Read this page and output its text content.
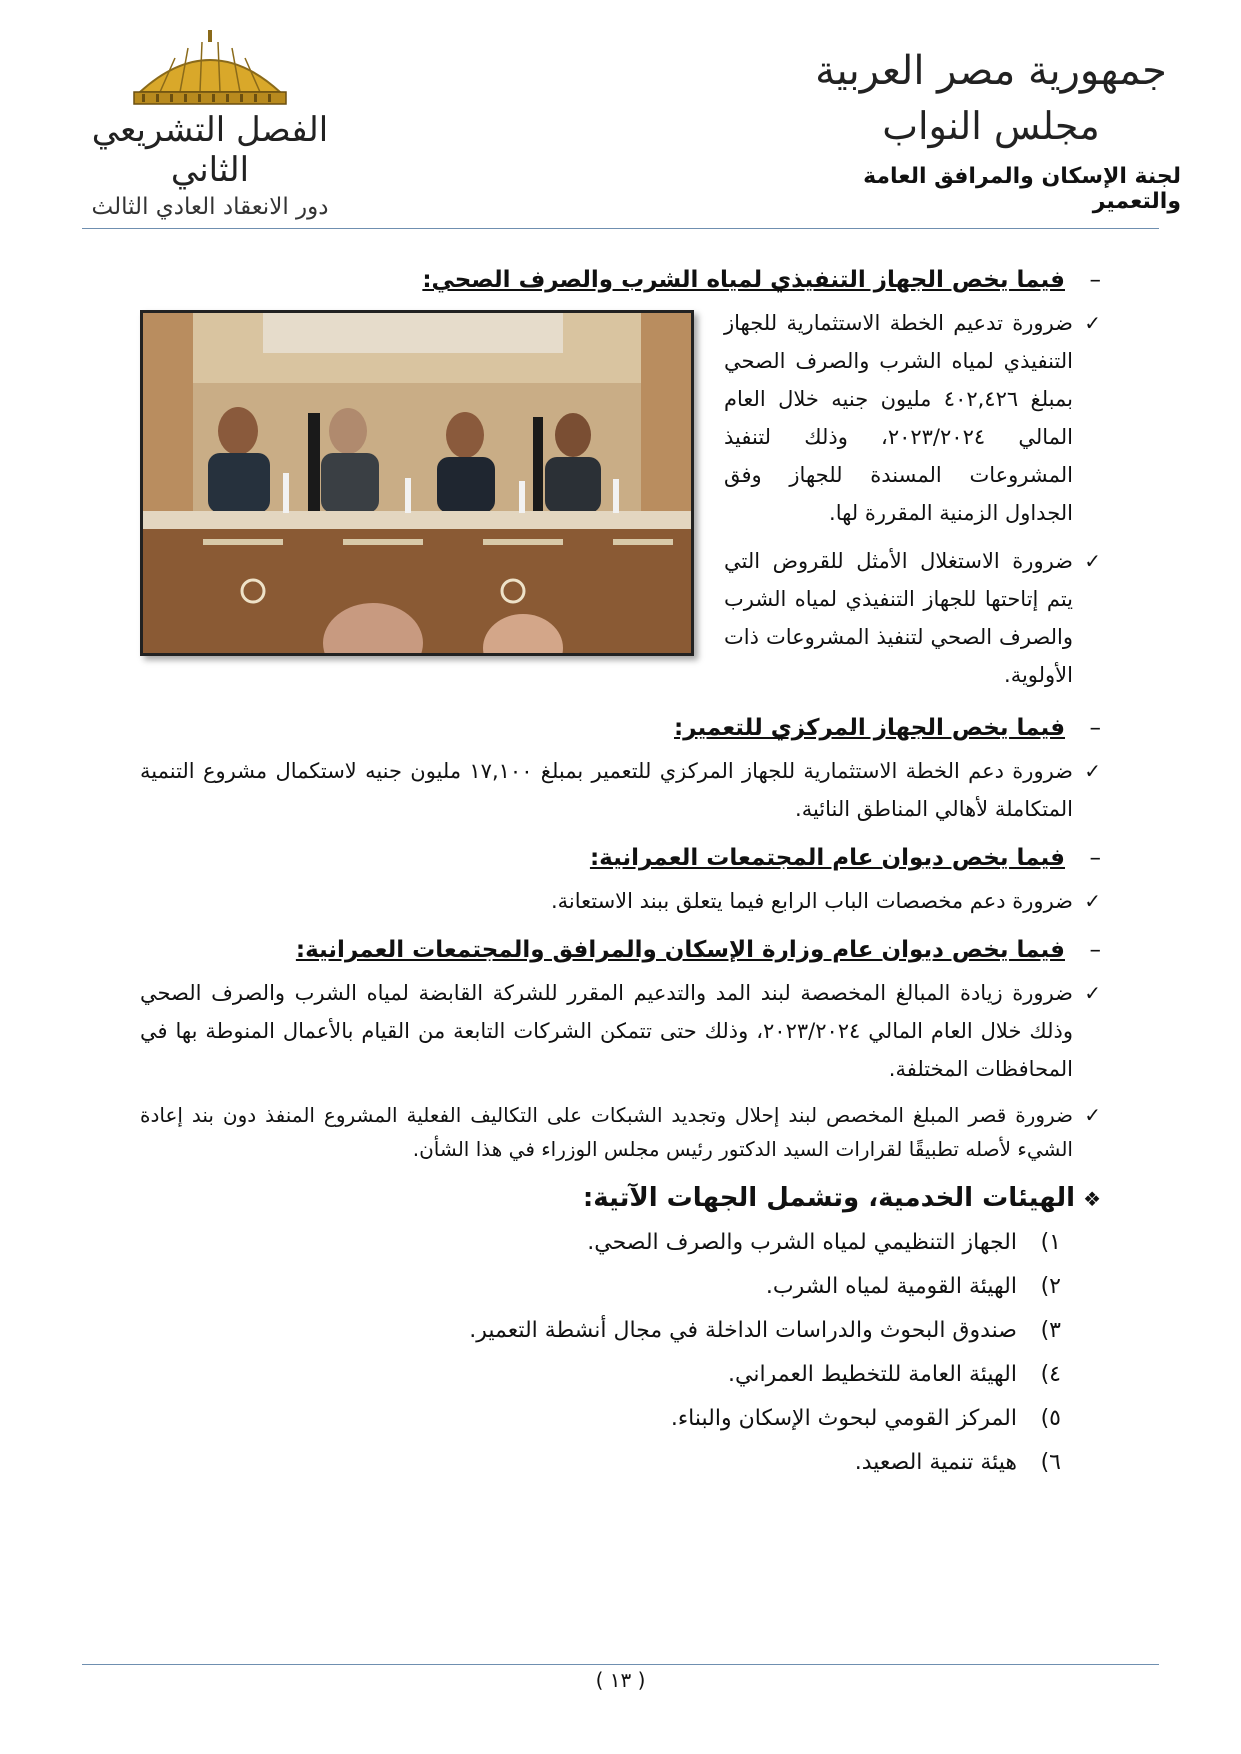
جمهورية مصر العربية
مجلس النواب
لجنة الإسكان والمرافق العامة والتعمير
الفصل التشريعي الثاني
دور الانعقاد العادي الثالث
–فيما يخص الجهاز التنفيذي لمياه الشرب والصرف الصحي:
✓ ضرورة تدعيم الخطة الاستثمارية للجهاز التنفيذي لمياه الشرب والصرف الصحي بمبلغ ٤٠٢,٤٢٦ مليون جنيه خلال العام المالي ٢٠٢٣/٢٠٢٤، وذلك لتنفيذ المشروعات المسندة للجهاز وفق الجداول الزمنية المقررة لها.
✓ ضرورة الاستغلال الأمثل للقروض التي يتم إتاحتها للجهاز التنفيذي لمياه الشرب والصرف الصحي لتنفيذ المشروعات ذات الأولوية.
–فيما يخص الجهاز المركزي للتعمير:
✓ ضرورة دعم الخطة الاستثمارية للجهاز المركزي للتعمير بمبلغ ١٧,١٠٠ مليون جنيه لاستكمال مشروع التنمية المتكاملة لأهالي المناطق النائية.
–فيما يخص ديوان عام المجتمعات العمرانية:
✓ ضرورة دعم مخصصات الباب الرابع فيما يتعلق ببند الاستعانة.
–فيما يخص ديوان عام وزارة الإسكان والمرافق والمجتمعات العمرانية:
✓ ضرورة زيادة المبالغ المخصصة لبند المد والتدعيم المقرر للشركة القابضة لمياه الشرب والصرف الصحي وذلك خلال العام المالي ٢٠٢٣/٢٠٢٤، وذلك حتى تتمكن الشركات التابعة من القيام بالأعمال المنوطة بها في المحافظات المختلفة.
✓ ضرورة قصر المبلغ المخصص لبند إحلال وتجديد الشبكات على التكاليف الفعلية المشروع المنفذ دون بند إعادة الشيء لأصله تطبيقًا لقرارات السيد الدكتور رئيس مجلس الوزراء في هذا الشأن.
❖الهيئات الخدمية، وتشمل الجهات الآتية:
١)الجهاز التنظيمي لمياه الشرب والصرف الصحي.
٢)الهيئة القومية لمياه الشرب.
٣)صندوق البحوث والدراسات الداخلة في مجال أنشطة التعمير.
٤)الهيئة العامة للتخطيط العمراني.
٥)المركز القومي لبحوث الإسكان والبناء.
٦)هيئة تنمية الصعيد.
( ١٣ )
